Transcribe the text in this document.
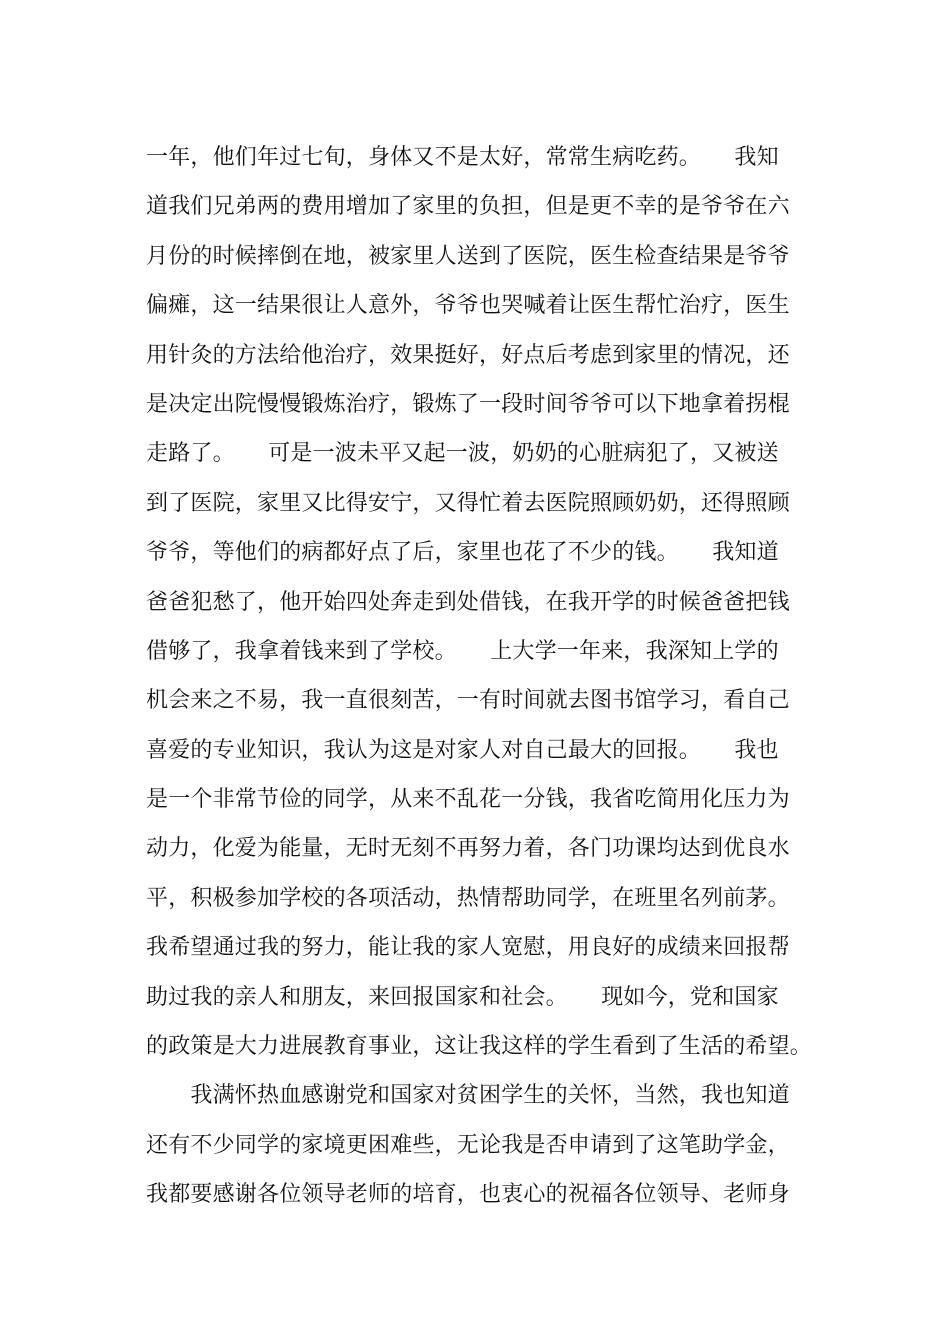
一年，他们年过七旬，身体又不是太好，常常生病吃药。　　我知
道我们兄弟两的费用增加了家里的负担，但是更不幸的是爷爷在六
月份的时候摔倒在地，被家里人送到了医院，医生检查结果是爷爷
偏瘫，这一结果很让人意外，爷爷也哭喊着让医生帮忙治疗，医生
用针灸的方法给他治疗，效果挺好，好点后考虑到家里的情况，还
是决定出院慢慢锻炼治疗，锻炼了一段时间爷爷可以下地拿着拐棍
走路了。　　可是一波未平又起一波，奶奶的心脏病犯了，又被送
到了医院，家里又比得安宁，又得忙着去医院照顾奶奶，还得照顾
爷爷，等他们的病都好点了后，家里也花了不少的钱。　　我知道
爸爸犯愁了，他开始四处奔走到处借钱，在我开学的时候爸爸把钱
借够了，我拿着钱来到了学校。　　上大学一年来，我深知上学的
机会来之不易，我一直很刻苦，一有时间就去图书馆学习，看自己
喜爱的专业知识，我认为这是对家人对自己最大的回报。　　我也
是一个非常节俭的同学，从来不乱花一分钱，我省吃简用化压力为
动力，化爱为能量，无时无刻不再努力着，各门功课均达到优良水
平，积极参加学校的各项活动，热情帮助同学，在班里名列前茅。
我希望通过我的努力，能让我的家人宽慰，用良好的成绩来回报帮
助过我的亲人和朋友，来回报国家和社会。　　现如今，党和国家
的政策是大力进展教育事业，这让我这样的学生看到了生活的希望。
　　我满怀热血感谢党和国家对贫困学生的关怀，当然，我也知道
还有不少同学的家境更困难些，无论我是否申请到了这笔助学金，
我都要感谢各位领导老师的培育，也衷心的祝福各位领导、老师身
